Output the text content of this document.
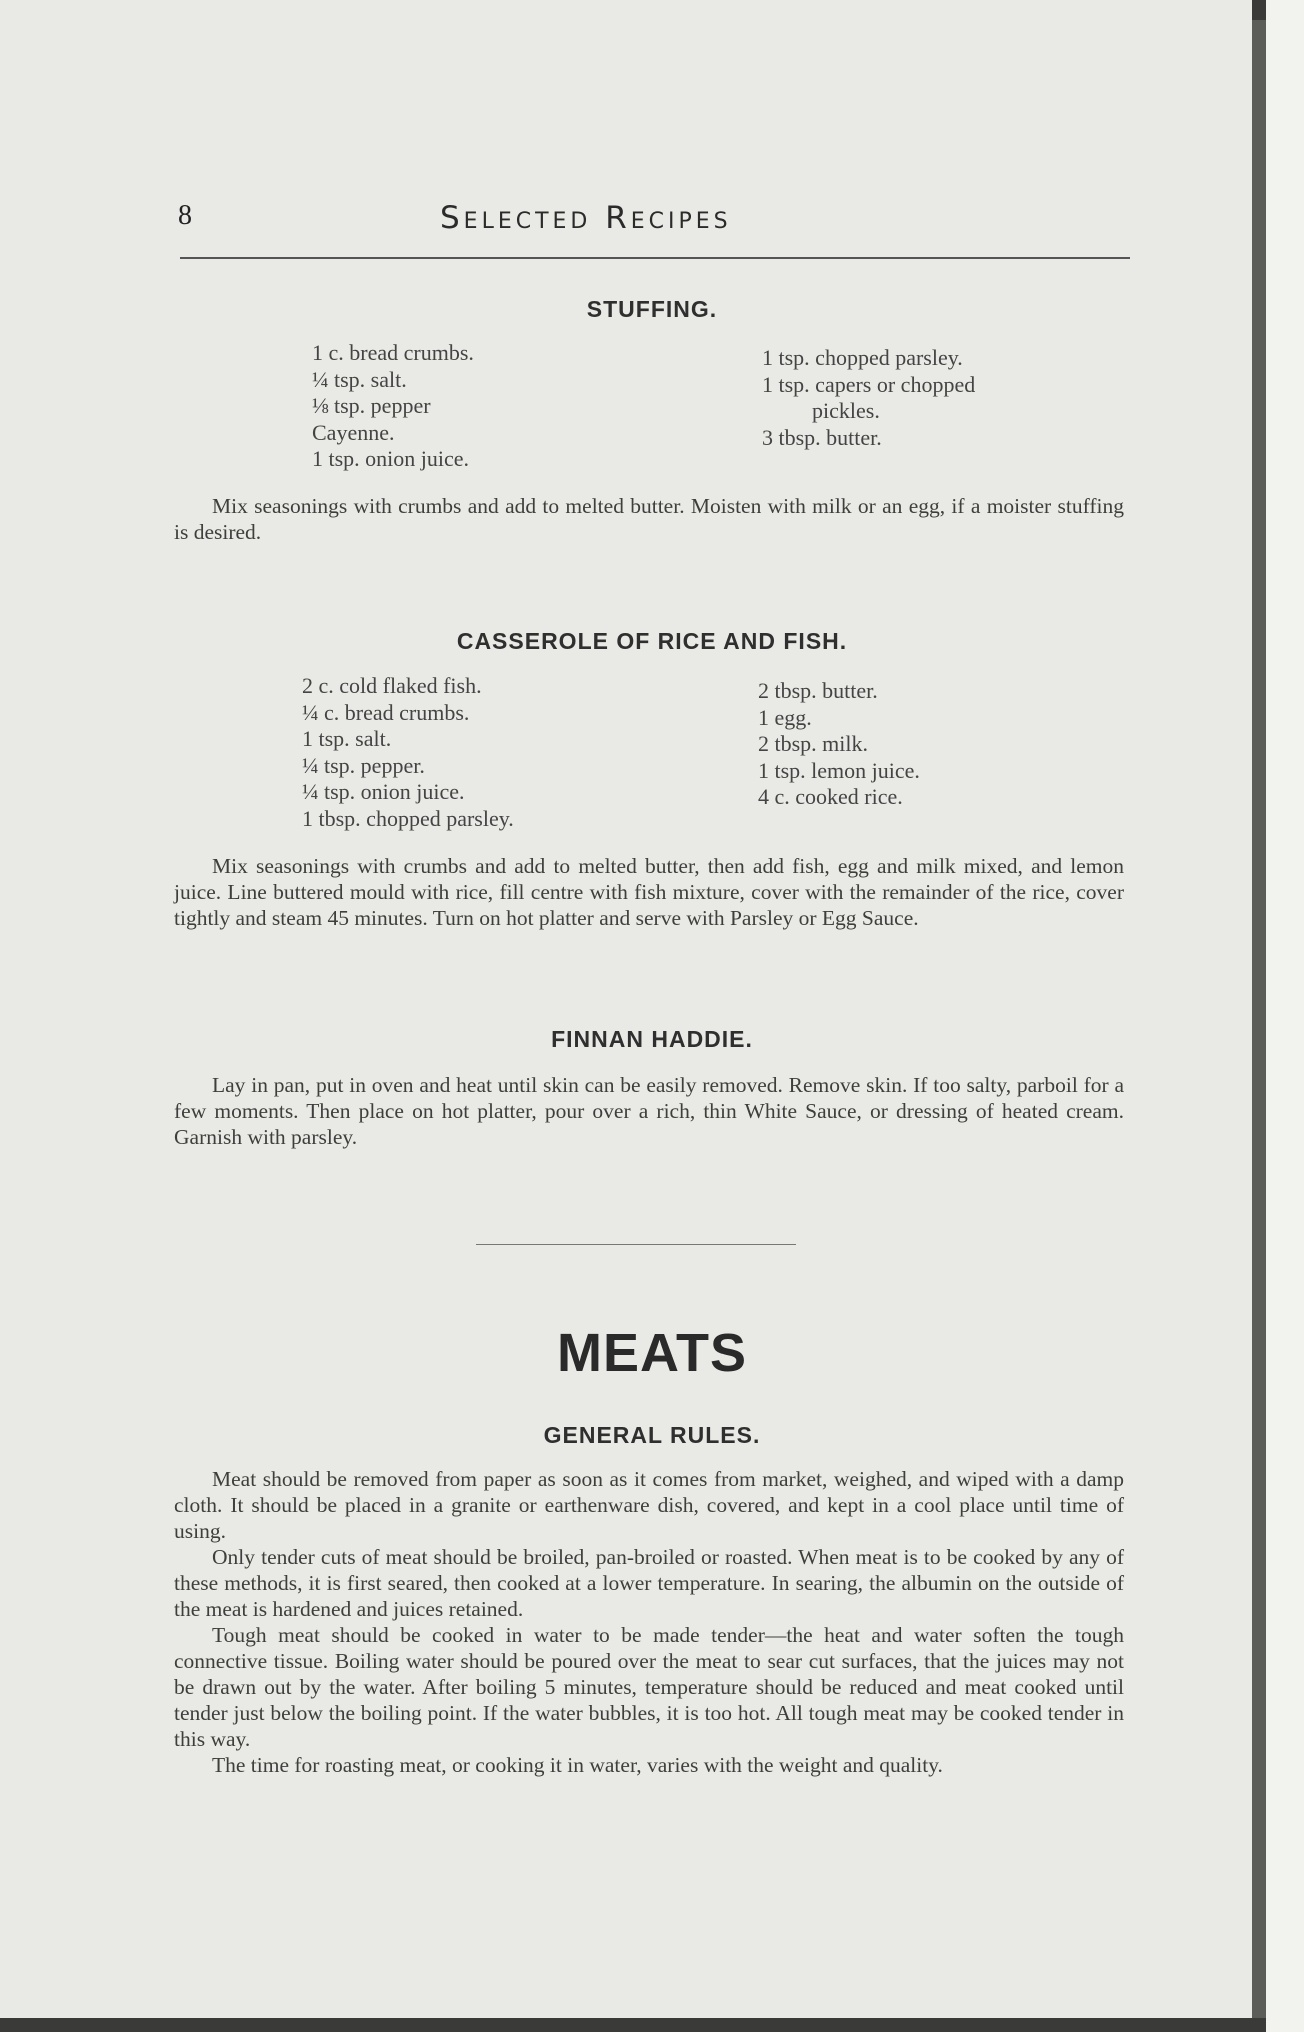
8	Selected Recipes
STUFFING.
1 c. bread crumbs.
¼ tsp. salt.
⅛ tsp. pepper
Cayenne.
1 tsp. onion juice.
1 tsp. chopped parsley.
1 tsp. capers or chopped
pickles.
3 tbsp. butter.

Mix seasonings with crumbs and add to melted butter. Moisten with milk or an egg, if a moister stuffing is desired.

CASSEROLE OF RICE AND FISH.
2 c. cold flaked fish.
¼ c. bread crumbs.
1 tsp. salt.
¼ tsp. pepper.
¼ tsp. onion juice.
1 tbsp. chopped parsley.
2 tbsp. butter.
1 egg.
2 tbsp. milk.
1 tsp. lemon juice.
4 c. cooked rice.

Mix seasonings with crumbs and add to melted butter, then add fish, egg and milk mixed, and lemon juice. Line buttered mould with rice, fill centre with fish mixture, cover with the remainder of the rice, cover tightly and steam 45 minutes. Turn on hot platter and serve with Parsley or Egg Sauce.

FINNAN HADDIE.

Lay in pan, put in oven and heat until skin can be easily removed. Remove skin. If too salty, parboil for a few moments. Then place on hot platter, pour over a rich, thin White Sauce, or dressing of heated cream. Garnish with parsley.

MEATS
GENERAL RULES.

Meat should be removed from paper as soon as it comes from market, weighed, and wiped with a damp cloth. It should be placed in a granite or earthenware dish, covered, and kept in a cool place until time of using.

Only tender cuts of meat should be broiled, pan-broiled or roasted. When meat is to be cooked by any of these methods, it is first seared, then cooked at a lower temperature. In searing, the albumin on the outside of the meat is hardened and juices retained.

Tough meat should be cooked in water to be made tender—the heat and water soften the tough connective tissue. Boiling water should be poured over the meat to sear cut surfaces, that the juices may not be drawn out by the water. After boiling 5 minutes, temperature should be reduced and meat cooked until tender just below the boiling point. If the water bubbles, it is too hot. All tough meat may be cooked tender in this way.

The time for roasting meat, or cooking it in water, varies with the weight and quality.
